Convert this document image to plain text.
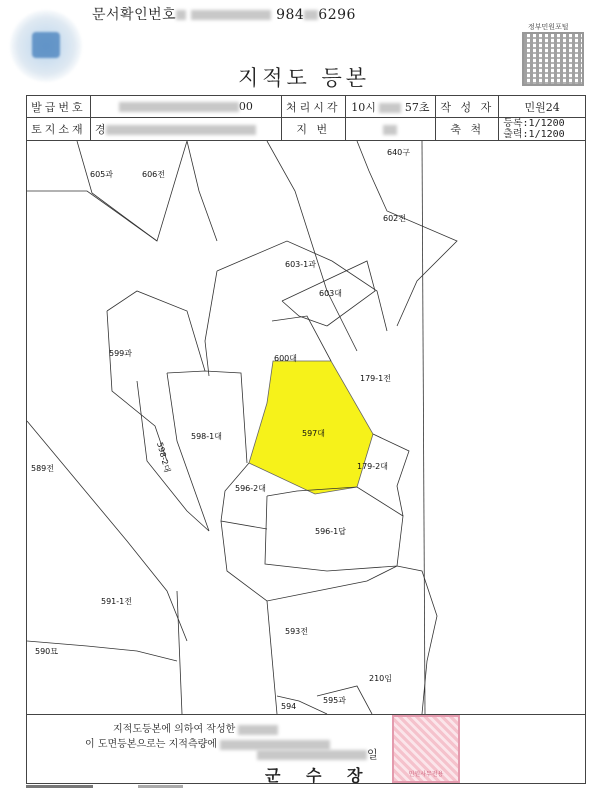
문서확인번호	984 6296
정부민원포털
지적도 등본
발급번호	00	처리시각	10시 57초	작 성 자	민원24
토지소재	경	지 번		축 척	등록:1/1200
출력:1/1200
605과	606전
640구
602전
603-1과
603대
599과
600대
179-1전
597대
598-1대
598-2대
589전	179-2대
596-2대
596-1답
591-1전
593전
590묘
210임
595과
594
지적도등본에 의하여 작성한
이 도면등본으로는 지적측량에
일
군 수 장	민원사무전용
